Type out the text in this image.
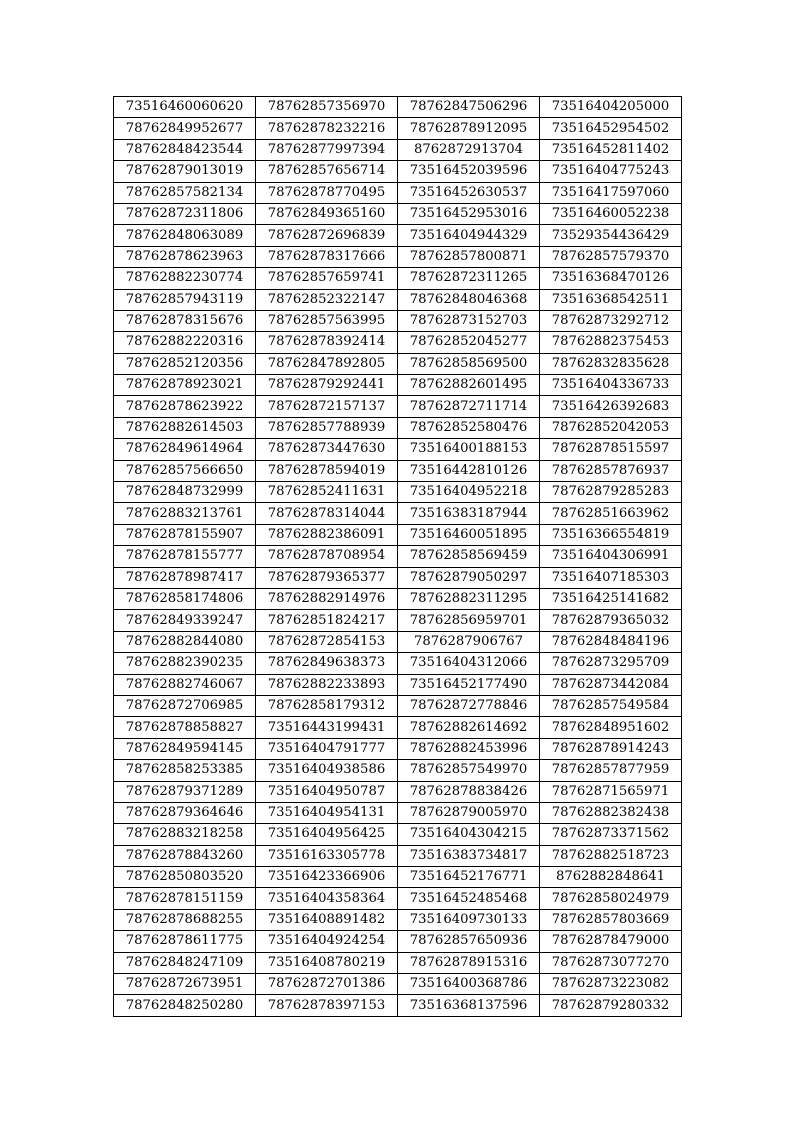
73516460060620	78762857356970	78762847506296	73516404205000
78762849952677	78762878232216	78762878912095	73516452954502
78762848423544	78762877997394	8762872913704	73516452811402
78762879013019	78762857656714	73516452039596	73516404775243
78762857582134	78762878770495	73516452630537	73516417597060
78762872311806	78762849365160	73516452953016	73516460052238
78762848063089	78762872696839	73516404944329	73529354436429
78762878623963	78762878317666	78762857800871	78762857579370
78762882230774	78762857659741	78762872311265	73516368470126
78762857943119	78762852322147	78762848046368	73516368542511
78762878315676	78762857563995	78762873152703	78762873292712
78762882220316	78762878392414	78762852045277	78762882375453
78762852120356	78762847892805	78762858569500	78762832835628
78762878923021	78762879292441	78762882601495	73516404336733
78762878623922	78762872157137	78762872711714	73516426392683
78762882614503	78762857788939	78762852580476	78762852042053
78762849614964	78762873447630	73516400188153	78762878515597
78762857566650	78762878594019	73516442810126	78762857876937
78762848732999	78762852411631	73516404952218	78762879285283
78762883213761	78762878314044	73516383187944	78762851663962
78762878155907	78762882386091	73516460051895	73516366554819
78762878155777	78762878708954	78762858569459	73516404306991
78762878987417	78762879365377	78762879050297	73516407185303
78762858174806	78762882914976	78762882311295	73516425141682
78762849339247	78762851824217	78762856959701	78762879365032
78762882844080	78762872854153	7876287906767	78762848484196
78762882390235	78762849638373	73516404312066	78762873295709
78762882746067	78762882233893	73516452177490	78762873442084
78762872706985	78762858179312	78762872778846	78762857549584
78762878858827	73516443199431	78762882614692	78762848951602
78762849594145	73516404791777	78762882453996	78762878914243
78762858253385	73516404938586	78762857549970	78762857877959
78762879371289	73516404950787	78762878838426	78762871565971
78762879364646	73516404954131	78762879005970	78762882382438
78762883218258	73516404956425	73516404304215	78762873371562
78762878843260	73516163305778	73516383734817	78762882518723
78762850803520	73516423366906	73516452176771	8762882848641
78762878151159	73516404358364	73516452485468	78762858024979
78762878688255	73516408891482	73516409730133	78762857803669
78762878611775	73516404924254	78762857650936	78762878479000
78762848247109	73516408780219	78762878915316	78762873077270
78762872673951	78762872701386	73516400368786	78762873223082
78762848250280	78762878397153	73516368137596	78762879280332
